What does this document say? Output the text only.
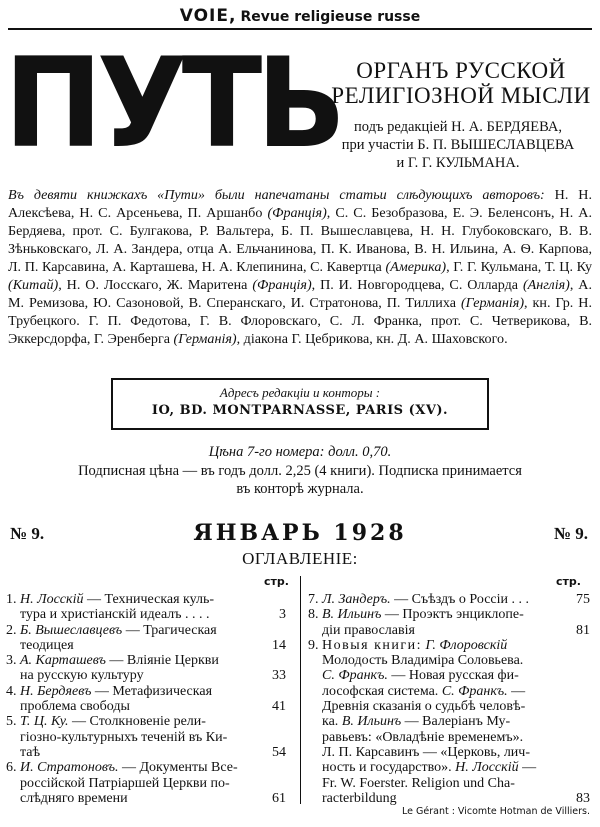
VOIE, Revue religieuse russe
ПУТЬ ОРГАНЪ РУССКОЙ
РЕЛИГІОЗНОЙ МЫСЛИ
подъ редакціей Н. А. БЕРДЯЕВА,
при участіи Б. П. ВЫШЕСЛАВЦЕВА
и Г. Г. КУЛЬМАНА.
Въ девяти книжкахъ «Пути» были напечатаны статьи слѣдующихъ авторовъ: Н. Н. Алексѣева, Н. С. Арсеньева, П. Аршанбо (Франція), С. С. Безобразова, Е. Э. Беленсонъ, Н. А. Бердяева, прот. С. Булгакова, Р. Вальтера, Б. П. Вышеславцева, Н. Н. Глубоковскаго, В. В. Зѣньковскаго, Л. А. Зандера, отца А. Ельчанинова, П. К. Иванова, В. Н. Ильина, А. Ѳ. Карпова, Л. П. Карсавина, А. Карташева, Н. А. Клепинина, С. Кавертца (Америка), Г. Г. Кульмана, Т. Ц. Ку (Китай), Н. О. Лосскаго, Ж. Маритена (Франція), П. И. Новгородцева, С. Олларда (Англія), А. М. Ремизова, Ю. Сазоновой, В. Сперанскаго, И. Стратонова, П. Тиллиха (Германія), кн. Гр. Н. Трубецкого. Г. П. Федотова, Г. В. Флоровскаго, С. Л. Франка, прот. С. Четверикова, В. Эккерсдорфа, Г. Эренберга (Германія), діакона Г. Цебрикова, кн. Д. А. Шаховского.
Адресъ редакціи и конторы :
IO, BD. MONTPARNASSE, PARIS (XV).
Цѣна 7-го номера: долл. 0,70.
Подписная цѣна — въ годъ долл. 2,25 (4 книги). Подписка принимается
въ конторѣ журнала.
№ 9.	ЯНВАРЬ 1928	№ 9.
ОГЛАВЛЕНІЕ:
стр.	стр.
1. Н. Лосскій — Техническая куль-
тура и христіанскій идеалъ . . . .	3
2. Б. Вышеславцевъ — Трагическая
теодицея	14
3. А. Карташевъ — Вліяніе Церкви
на русскую культуру	33
4. Н. Бердяевъ — Метафизическая
проблема свободы	41
5. Т. Ц. Ку. — Столкновеніе рели-
гіозно-культурныхъ теченій въ Ки-
таѣ	54
6. И. Стратоновъ. — Документы Все-
россійской Патріаршей Церкви по-
слѣдняго времени	61
7. Л. Зандеръ. — Съѣздъ о Россіи . . .	75
8. В. Ильинъ — Проэктъ энциклопе-
діи православія	81
9. Новыя книги: Г. Флоровскій
Молодость Владиміра Соловьева.
С. Франкъ. — Новая русская фи-
лософская система. С. Франкъ. —
Древнія сказанія о судьбѣ человѣ-
ка. В. Ильинъ — Валеріанъ Му-
равьевъ: «Овладѣніе временемъ».
Л. П. Карсавинъ — «Церковь, лич-
ность и государство». Н. Лосскій —
Fr. W. Foerster. Religion und Cha-
racterbildung	83
Le Gérant : Vicomte Hotman de Villiers.
